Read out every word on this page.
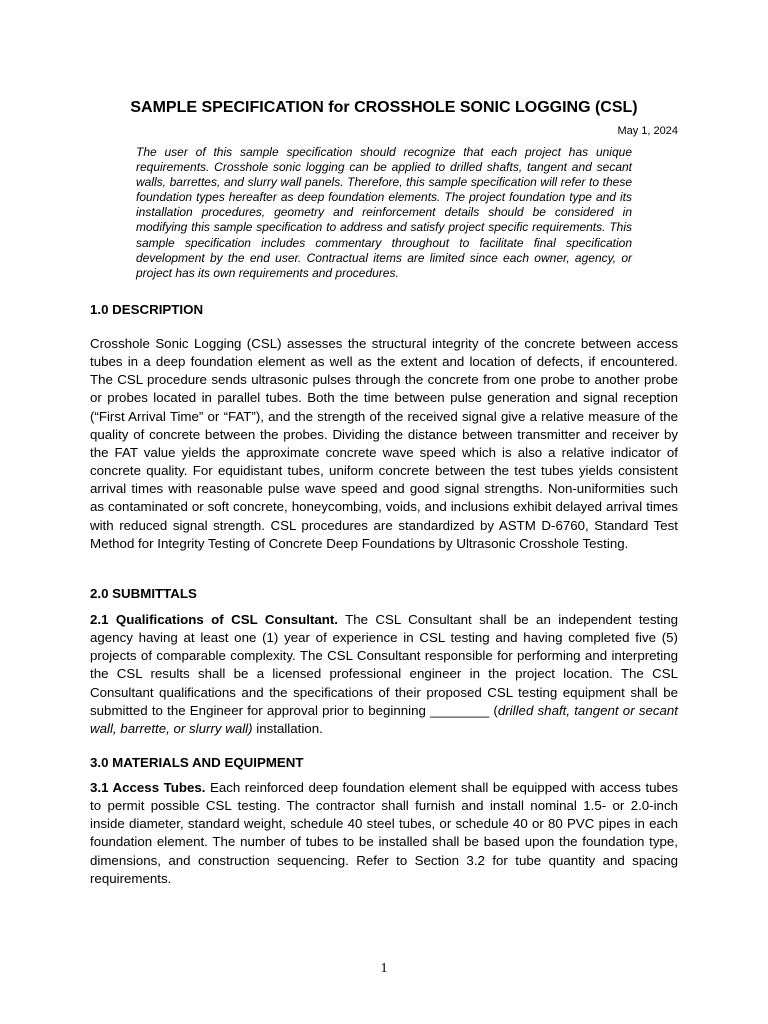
SAMPLE SPECIFICATION for CROSSHOLE SONIC LOGGING (CSL)
May 1, 2024

The user of this sample specification should recognize that each project has unique requirements. Crosshole sonic logging can be applied to drilled shafts, tangent and secant walls, barrettes, and slurry wall panels. Therefore, this sample specification will refer to these foundation types hereafter as deep foundation elements. The project foundation type and its installation procedures, geometry and reinforcement details should be considered in modifying this sample specification to address and satisfy project specific requirements. This sample specification includes commentary throughout to facilitate final specification development by the end user. Contractual items are limited since each owner, agency, or project has its own requirements and procedures.

1.0 DESCRIPTION

Crosshole Sonic Logging (CSL) assesses the structural integrity of the concrete between access tubes in a deep foundation element as well as the extent and location of defects, if encountered. The CSL procedure sends ultrasonic pulses through the concrete from one probe to another probe or probes located in parallel tubes. Both the time between pulse generation and signal reception (“First Arrival Time” or “FAT”), and the strength of the received signal give a relative measure of the quality of concrete between the probes. Dividing the distance between transmitter and receiver by the FAT value yields the approximate concrete wave speed which is also a relative indicator of concrete quality. For equidistant tubes, uniform concrete between the test tubes yields consistent arrival times with reasonable pulse wave speed and good signal strengths. Non-uniformities such as contaminated or soft concrete, honeycombing, voids, and inclusions exhibit delayed arrival times with reduced signal strength. CSL procedures are standardized by ASTM D-6760, Standard Test Method for Integrity Testing of Concrete Deep Foundations by Ultrasonic Crosshole Testing.

2.0 SUBMITTALS

2.1 Qualifications of CSL Consultant. The CSL Consultant shall be an independent testing agency having at least one (1) year of experience in CSL testing and having completed five (5) projects of comparable complexity. The CSL Consultant responsible for performing and interpreting the CSL results shall be a licensed professional engineer in the project location. The CSL Consultant qualifications and the specifications of their proposed CSL testing equipment shall be submitted to the Engineer for approval prior to beginning ________ (drilled shaft, tangent or secant wall, barrette, or slurry wall) installation.

3.0 MATERIALS AND EQUIPMENT

3.1 Access Tubes. Each reinforced deep foundation element shall be equipped with access tubes to permit possible CSL testing. The contractor shall furnish and install nominal 1.5- or 2.0-inch inside diameter, standard weight, schedule 40 steel tubes, or schedule 40 or 80 PVC pipes in each foundation element. The number of tubes to be installed shall be based upon the foundation type, dimensions, and construction sequencing. Refer to Section 3.2 for tube quantity and spacing requirements.

1
